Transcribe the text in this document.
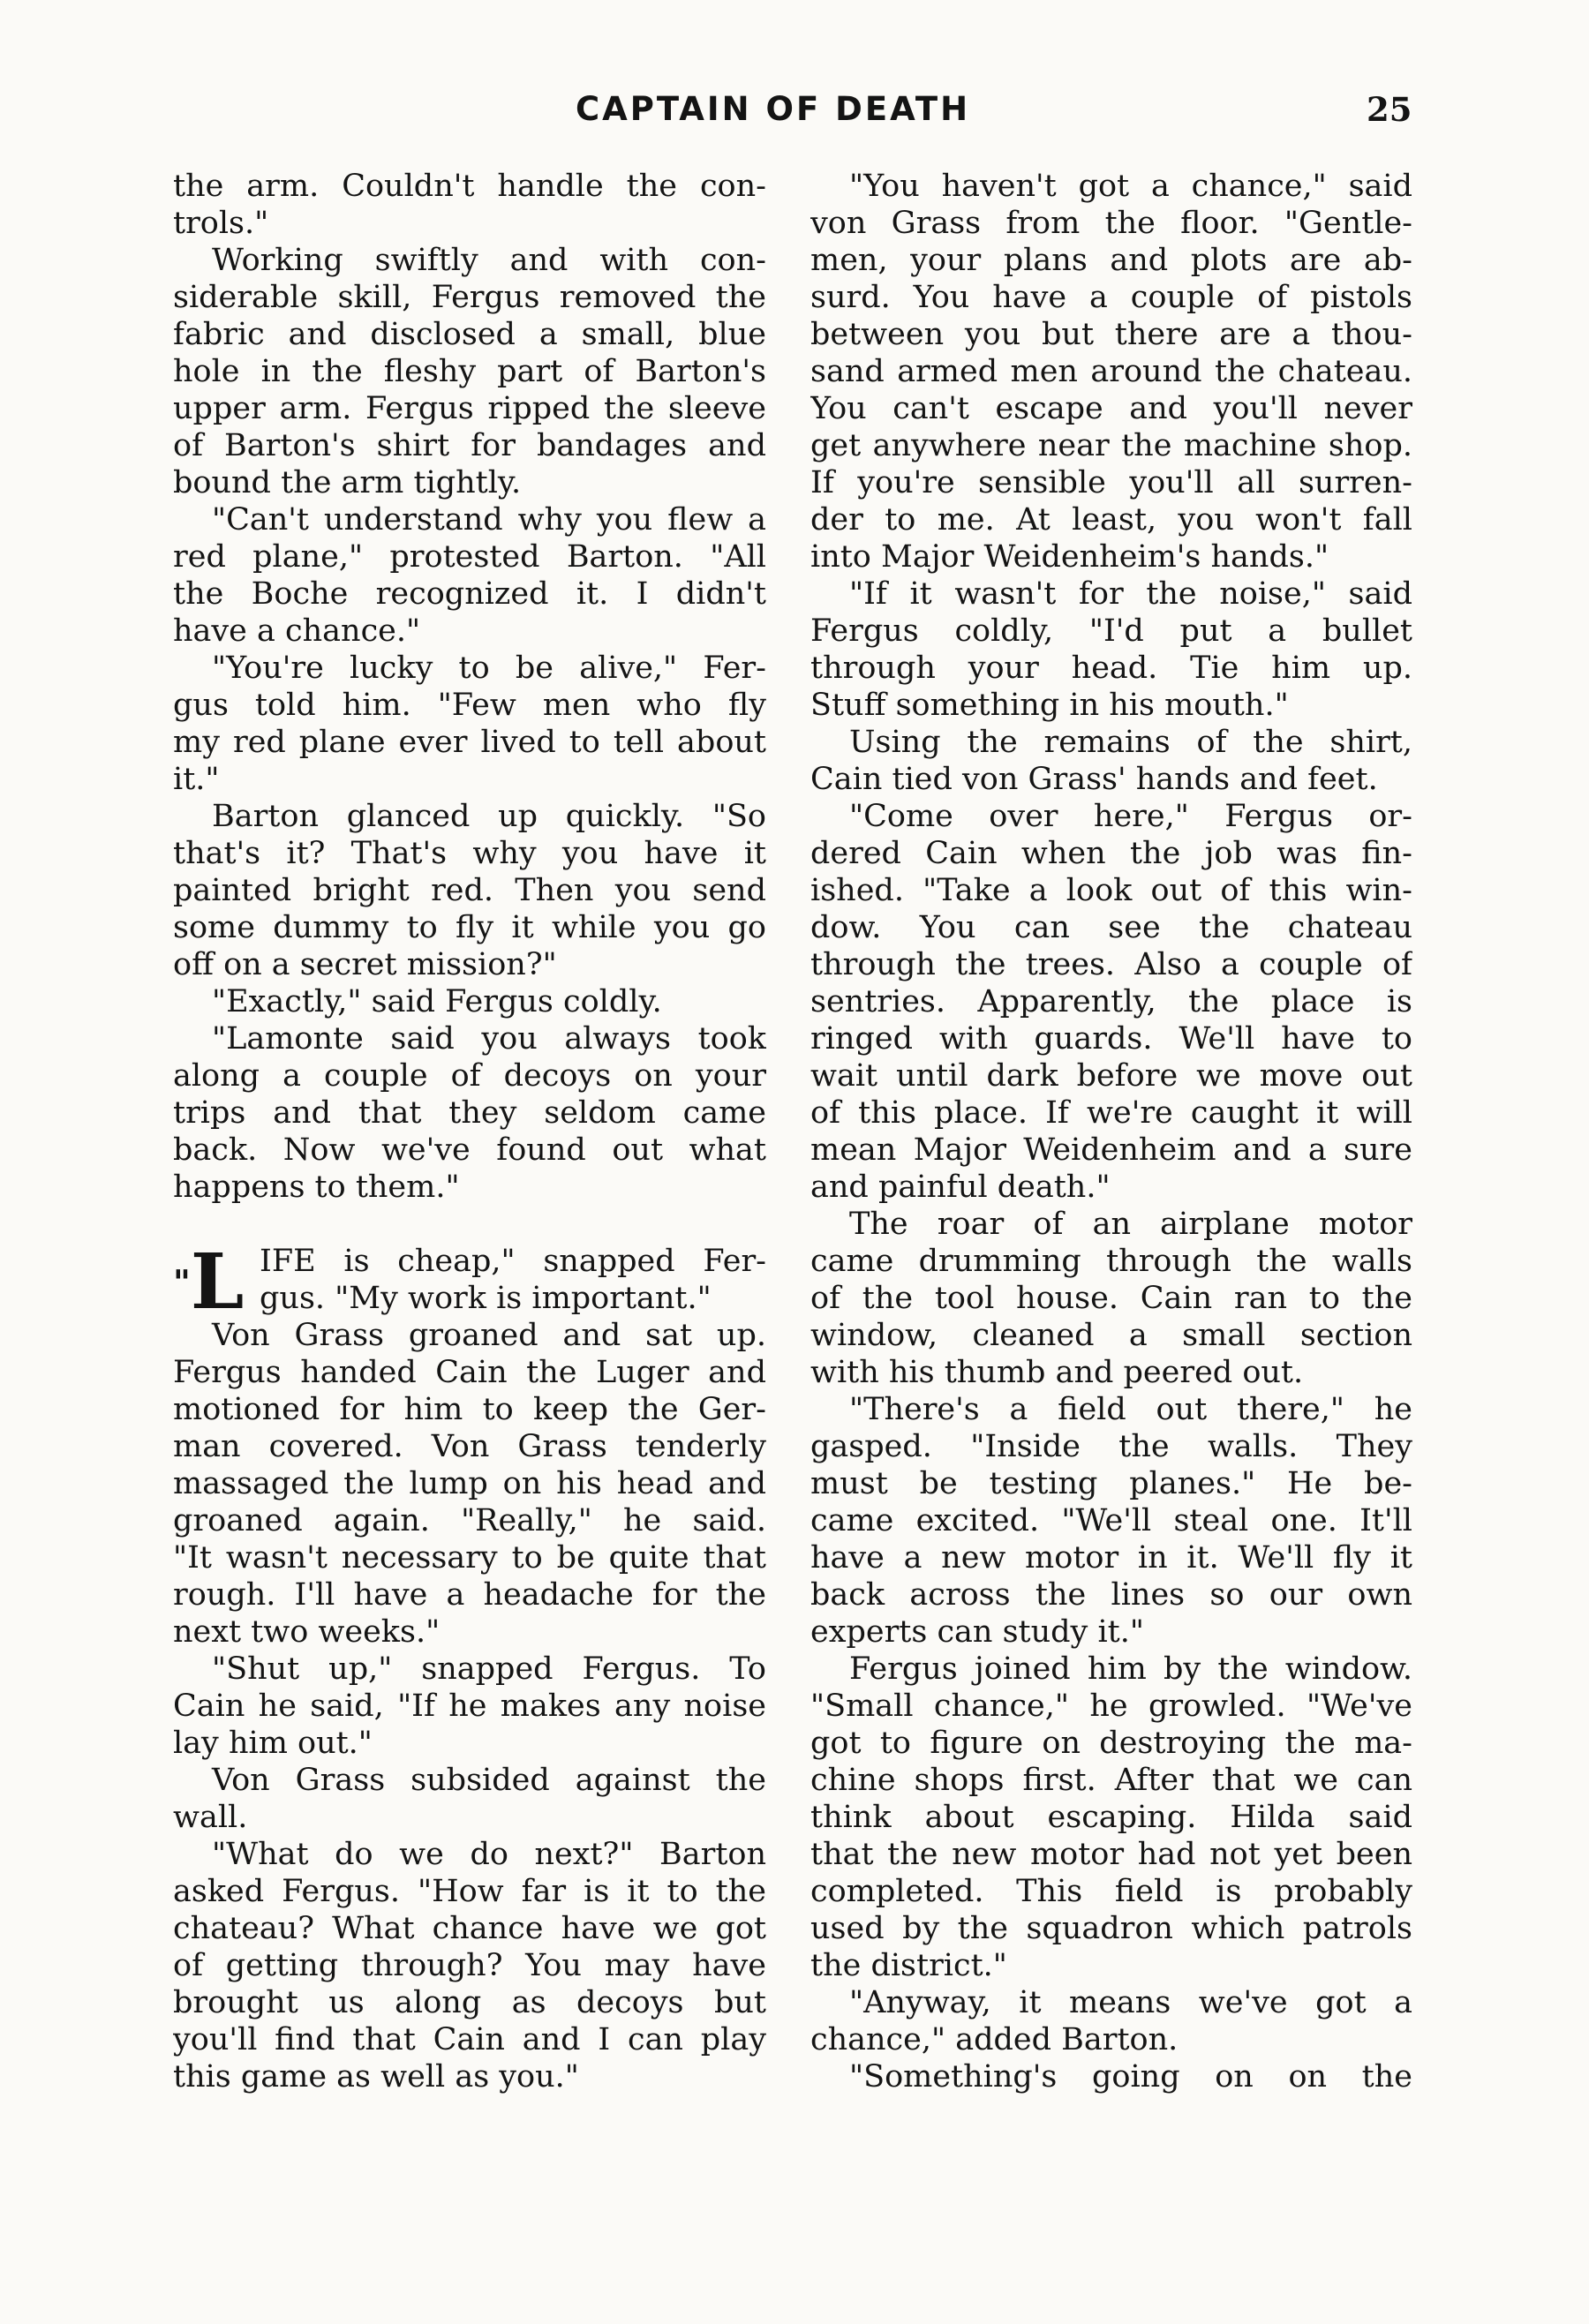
CAPTAIN OF DEATH	25
the arm. Couldn't handle the con-
trols."
Working swiftly and with con-
siderable skill, Fergus removed the
fabric and disclosed a small, blue
hole in the fleshy part of Barton's
upper arm. Fergus ripped the sleeve
of Barton's shirt for bandages and
bound the arm tightly.
"Can't understand why you flew a
red plane," protested Barton. "All
the Boche recognized it. I didn't
have a chance."
"You're lucky to be alive," Fer-
gus told him. "Few men who fly
my red plane ever lived to tell about
it."
Barton glanced up quickly. "So
that's it? That's why you have it
painted bright red. Then you send
some dummy to fly it while you go
off on a secret mission?"
"Exactly," said Fergus coldly.
"Lamonte said you always took
along a couple of decoys on your
trips and that they seldom came
back. Now we've found out what
happens to them."
"L IFE is cheap," snapped Fer-
gus. "My work is important."
Von Grass groaned and sat up.
Fergus handed Cain the Luger and
motioned for him to keep the Ger-
man covered. Von Grass tenderly
massaged the lump on his head and
groaned again. "Really," he said.
"It wasn't necessary to be quite that
rough. I'll have a headache for the
next two weeks."
"Shut up," snapped Fergus. To
Cain he said, "If he makes any noise
lay him out."
Von Grass subsided against the
wall.
"What do we do next?" Barton
asked Fergus. "How far is it to the
chateau? What chance have we got
of getting through? You may have
brought us along as decoys but
you'll find that Cain and I can play
this game as well as you."
"You haven't got a chance," said
von Grass from the floor. "Gentle-
men, your plans and plots are ab-
surd. You have a couple of pistols
between you but there are a thou-
sand armed men around the chateau.
You can't escape and you'll never
get anywhere near the machine shop.
If you're sensible you'll all surren-
der to me. At least, you won't fall
into Major Weidenheim's hands."
"If it wasn't for the noise," said
Fergus coldly, "I'd put a bullet
through your head. Tie him up.
Stuff something in his mouth."
Using the remains of the shirt,
Cain tied von Grass' hands and feet.
"Come over here," Fergus or-
dered Cain when the job was fin-
ished. "Take a look out of this win-
dow. You can see the chateau
through the trees. Also a couple of
sentries. Apparently, the place is
ringed with guards. We'll have to
wait until dark before we move out
of this place. If we're caught it will
mean Major Weidenheim and a sure
and painful death."
The roar of an airplane motor
came drumming through the walls
of the tool house. Cain ran to the
window, cleaned a small section
with his thumb and peered out.
"There's a field out there," he
gasped. "Inside the walls. They
must be testing planes." He be-
came excited. "We'll steal one. It'll
have a new motor in it. We'll fly it
back across the lines so our own
experts can study it."
Fergus joined him by the window.
"Small chance," he growled. "We've
got to figure on destroying the ma-
chine shops first. After that we can
think about escaping. Hilda said
that the new motor had not yet been
completed. This field is probably
used by the squadron which patrols
the district."
"Anyway, it means we've got a
chance," added Barton.
"Something's going on on the
